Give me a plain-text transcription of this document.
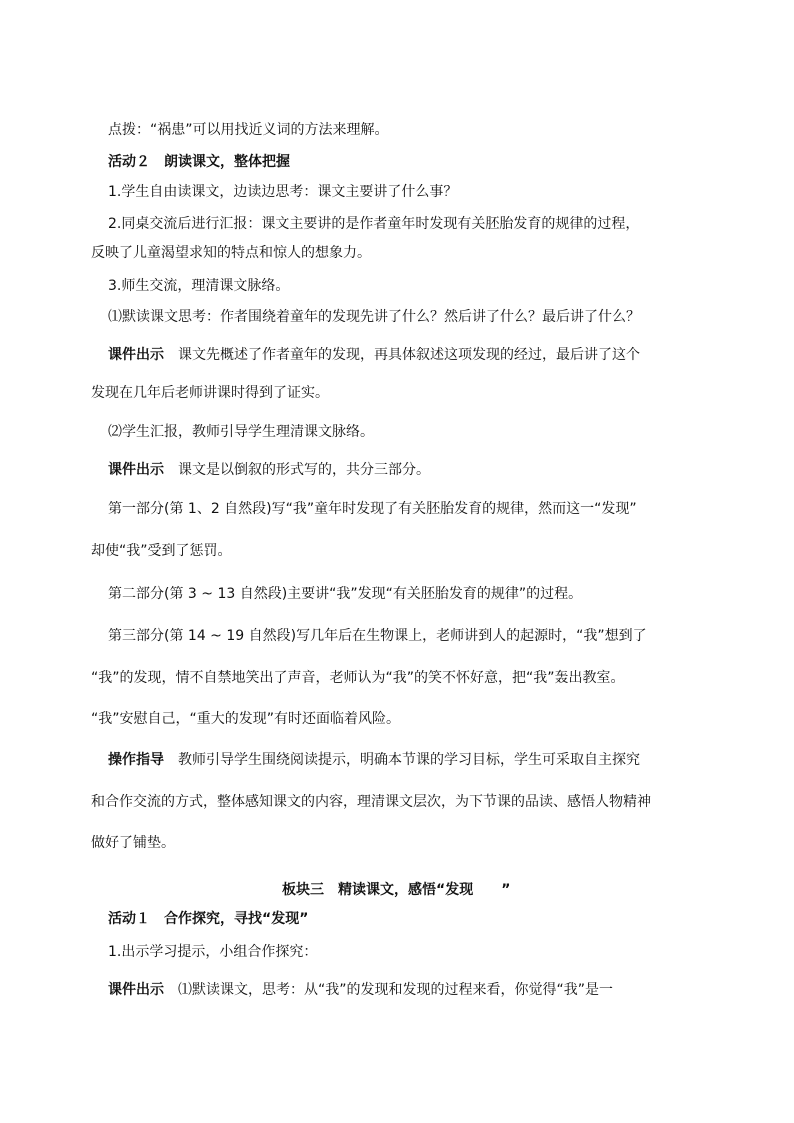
点拨：“祸患”可以用找近义词的方法来理解。
活动２　朗读课文，整体把握
1.学生自由读课文，边读边思考：课文主要讲了什么事？
2.同桌交流后进行汇报：课文主要讲的是作者童年时发现有关胚胎发育的规律的过程，
反映了儿童渴望求知的特点和惊人的想象力。
3.师生交流，理清课文脉络。
⑴默读课文思考：作者围绕着童年的发现先讲了什么？然后讲了什么？最后讲了什么？
课件出示　课文先概述了作者童年的发现，再具体叙述这项发现的经过，最后讲了这个
发现在几年后老师讲课时得到了证实。
⑵学生汇报，教师引导学生理清课文脉络。
课件出示　课文是以倒叙的形式写的，共分三部分。
第一部分(第 1、2 自然段)写“我”童年时发现了有关胚胎发育的规律，然而这一“发现”
却使“我”受到了惩罚。
第二部分(第 3 ~ 13 自然段)主要讲“我”发现“有关胚胎发育的规律”的过程。
第三部分(第 14 ~ 19 自然段)写几年后在生物课上，老师讲到人的起源时，“我”想到了
“我”的发现，情不自禁地笑出了声音，老师认为“我”的笑不怀好意，把“我”轰出教室。
“我”安慰自己，“重大的发现”有时还面临着风险。
操作指导　教师引导学生围绕阅读提示，明确本节课的学习目标，学生可采取自主探究
和合作交流的方式，整体感知课文的内容，理清课文层次，为下节课的品读、感悟人物精神
做好了铺垫。
板块三　精读课文，感悟“发现　　”
活动１　合作探究，寻找“发现”
1.出示学习提示，小组合作探究：
课件出示　⑴默读课文，思考：从“我”的发现和发现的过程来看，你觉得“我”是一
